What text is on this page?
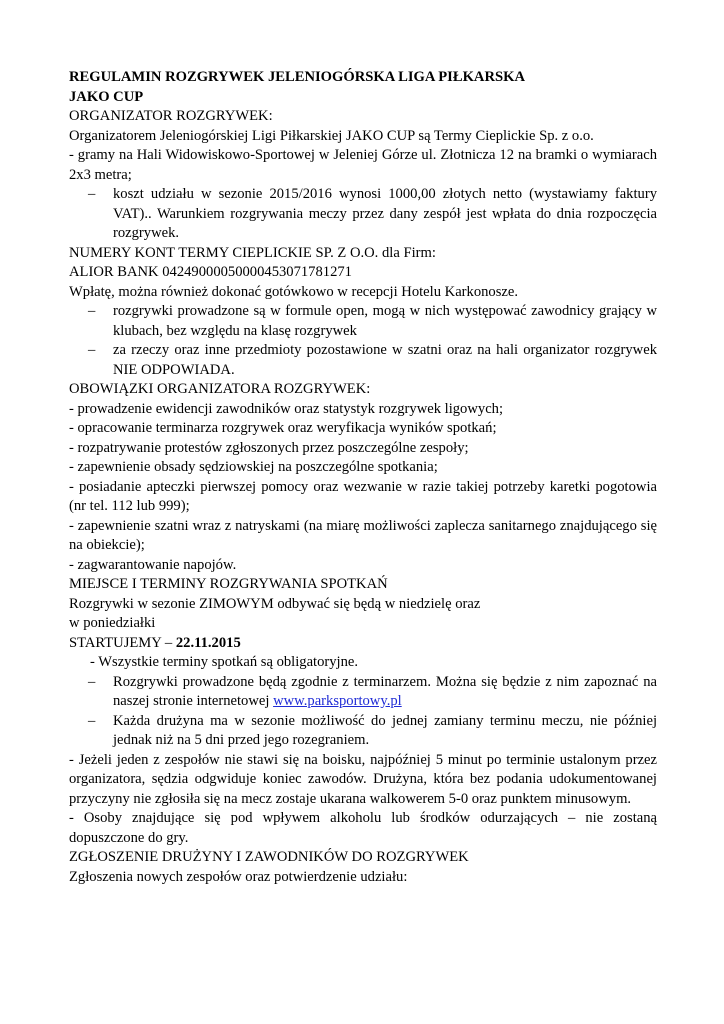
REGULAMIN ROZGRYWEK JELENIOGÓRSKA LIGA PIŁKARSKA
JAKO CUP

ORGANIZATOR ROZGRYWEK:

Organizatorem Jeleniogórskiej Ligi Piłkarskiej JAKO CUP są Termy Cieplickie Sp. z o.o.

- gramy na Hali Widowiskowo-Sportowej w Jeleniej Górze ul. Złotnicza 12 na bramki o wymiarach 2x3 metra;

– koszt udziału w sezonie 2015/2016 wynosi 1000,00 złotych netto (wystawiamy faktury VAT).. Warunkiem rozgrywania meczy przez dany zespół jest wpłata do dnia rozpoczęcia rozgrywek.

NUMERY KONT TERMY CIEPLICKIE SP. Z O.O. dla Firm:

ALIOR BANK 04249000050000453071781271

Wpłatę, można również dokonać gotówkowo w recepcji Hotelu Karkonosze.

– rozgrywki prowadzone są w formule open, mogą w nich występować zawodnicy grający w klubach, bez względu na klasę rozgrywek

– za rzeczy oraz inne przedmioty pozostawione w szatni oraz na hali organizator rozgrywek NIE ODPOWIADA.

OBOWIĄZKI ORGANIZATORA ROZGRYWEK:

- prowadzenie ewidencji zawodników oraz statystyk rozgrywek ligowych;

- opracowanie terminarza rozgrywek oraz weryfikacja wyników spotkań;

- rozpatrywanie protestów zgłoszonych przez poszczególne zespoły;

- zapewnienie obsady sędziowskiej na poszczególne spotkania;

- posiadanie apteczki pierwszej pomocy oraz wezwanie w razie takiej potrzeby karetki pogotowia (nr tel. 112 lub 999);

- zapewnienie szatni wraz z natryskami (na miarę możliwości zaplecza sanitarnego znajdującego się na obiekcie);

- zagwarantowanie napojów.

MIEJSCE I TERMINY ROZGRYWANIA SPOTKAŃ

Rozgrywki w sezonie ZIMOWYM odbywać się będą w niedzielę oraz
w poniedziałki

STARTUJEMY – 22.11.2015

- Wszystkie terminy spotkań są obligatoryjne.

– Rozgrywki prowadzone będą zgodnie z terminarzem. Można się będzie z nim zapoznać na naszej stronie internetowej www.parksportowy.pl

– Każda drużyna ma w sezonie możliwość do jednej zamiany terminu meczu, nie później jednak niż na 5 dni przed jego rozegraniem.

- Jeżeli jeden z zespołów nie stawi się na boisku, najpóźniej 5 minut po terminie ustalonym przez organizatora, sędzia odgwiduje koniec zawodów. Drużyna, która bez podania udokumentowanej przyczyny nie zgłosiła się na mecz zostaje ukarana walkowerem 5-0 oraz punktem minusowym.

- Osoby znajdujące się pod wpływem alkoholu lub środków odurzających – nie zostaną dopuszczone do gry.

ZGŁOSZENIE DRUŻYNY I ZAWODNIKÓW DO ROZGRYWEK

Zgłoszenia nowych zespołów oraz potwierdzenie udziału:
